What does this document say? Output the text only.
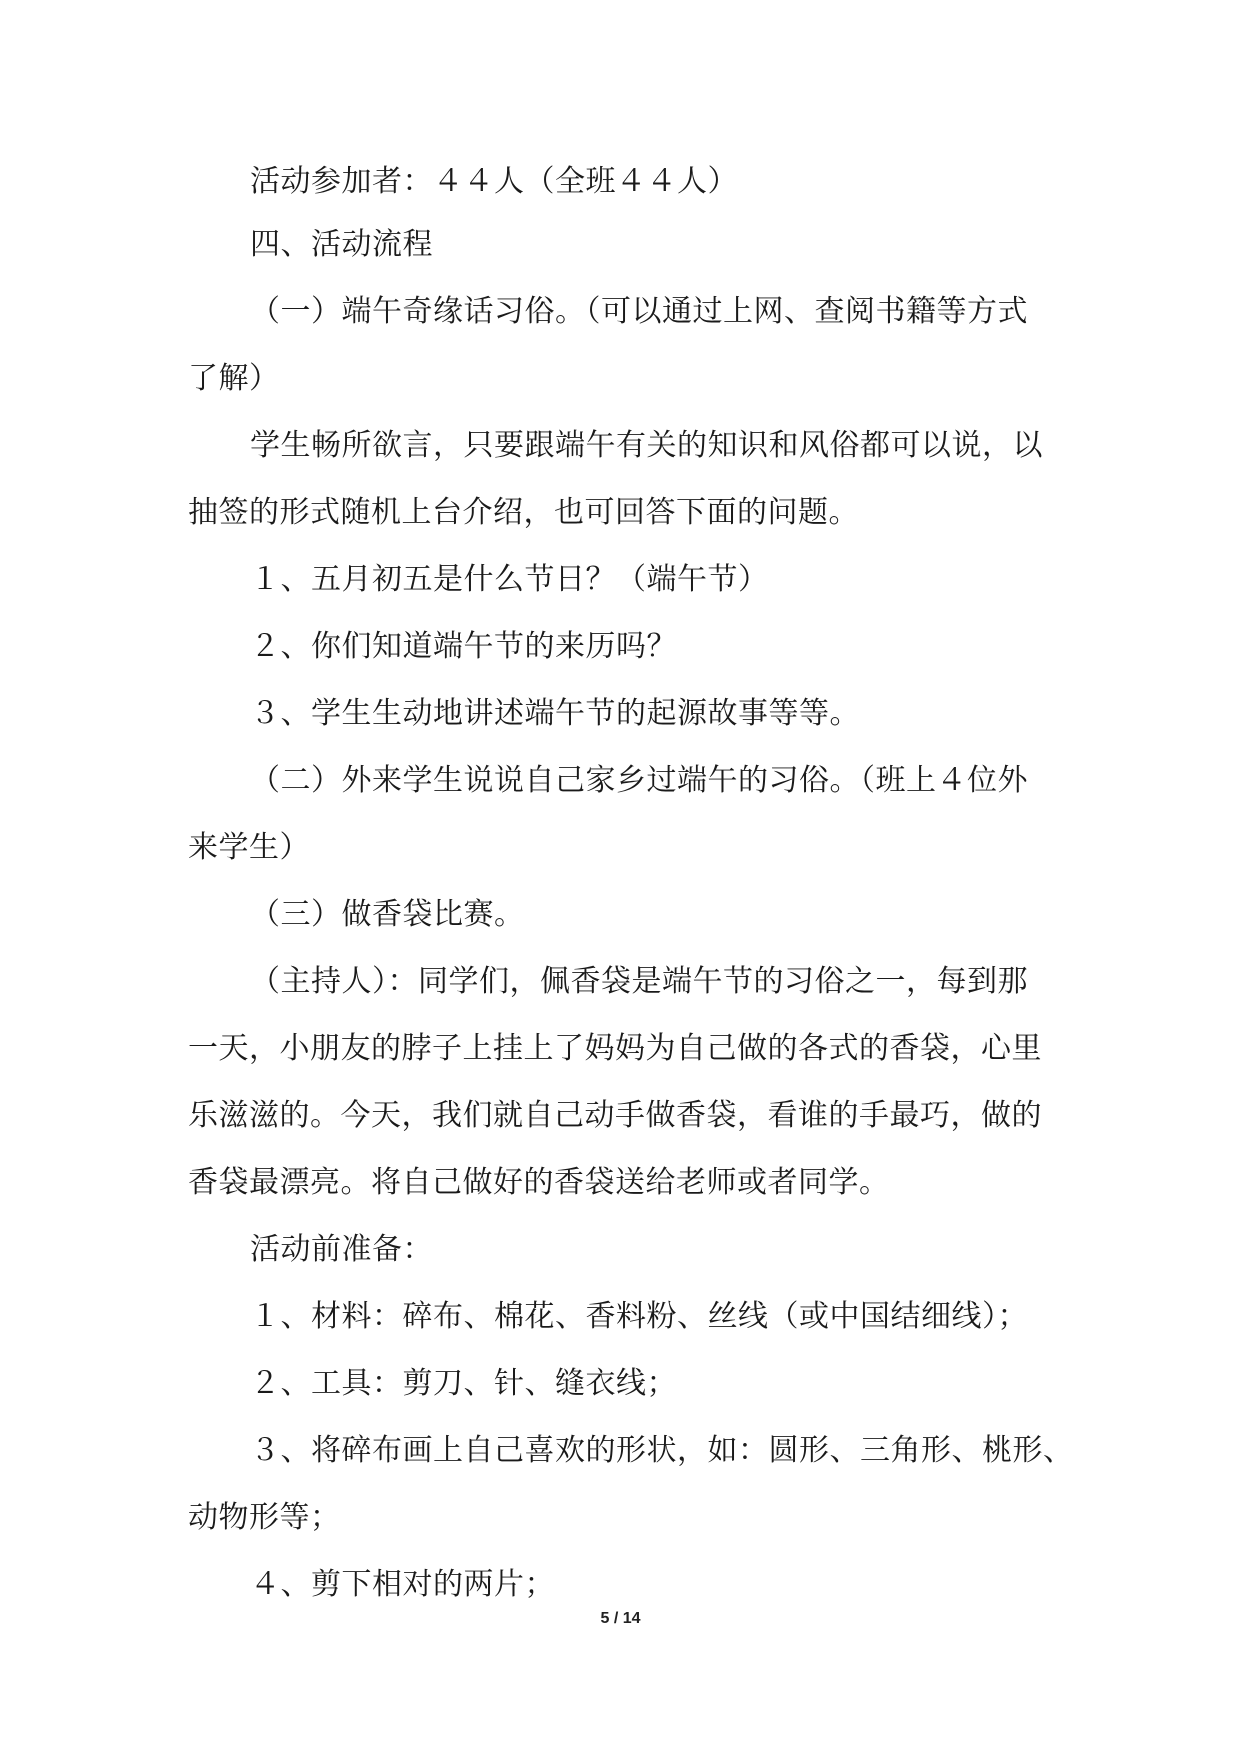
活动参加者：４４人（全班４４人）
四、活动流程
（一）端午奇缘话习俗。（可以通过上网、查阅书籍等方式
了解）
学生畅所欲言，只要跟端午有关的知识和风俗都可以说，以
抽签的形式随机上台介绍，也可回答下面的问题。
１、五月初五是什么节日？（端午节）
２、你们知道端午节的来历吗？
３、学生生动地讲述端午节的起源故事等等。
（二）外来学生说说自己家乡过端午的习俗。（班上４位外
来学生）
（三）做香袋比赛。
（主持人）：同学们，佩香袋是端午节的习俗之一，每到那
一天，小朋友的脖子上挂上了妈妈为自己做的各式的香袋，心里
乐滋滋的。今天，我们就自己动手做香袋，看谁的手最巧，做的
香袋最漂亮。将自己做好的香袋送给老师或者同学。
活动前准备：
１、材料：碎布、棉花、香料粉、丝线（或中国结细线）；
２、工具：剪刀、针、缝衣线；
３、将碎布画上自己喜欢的形状，如：圆形、三角形、桃形、
动物形等；
４、剪下相对的两片；
5 / 14
